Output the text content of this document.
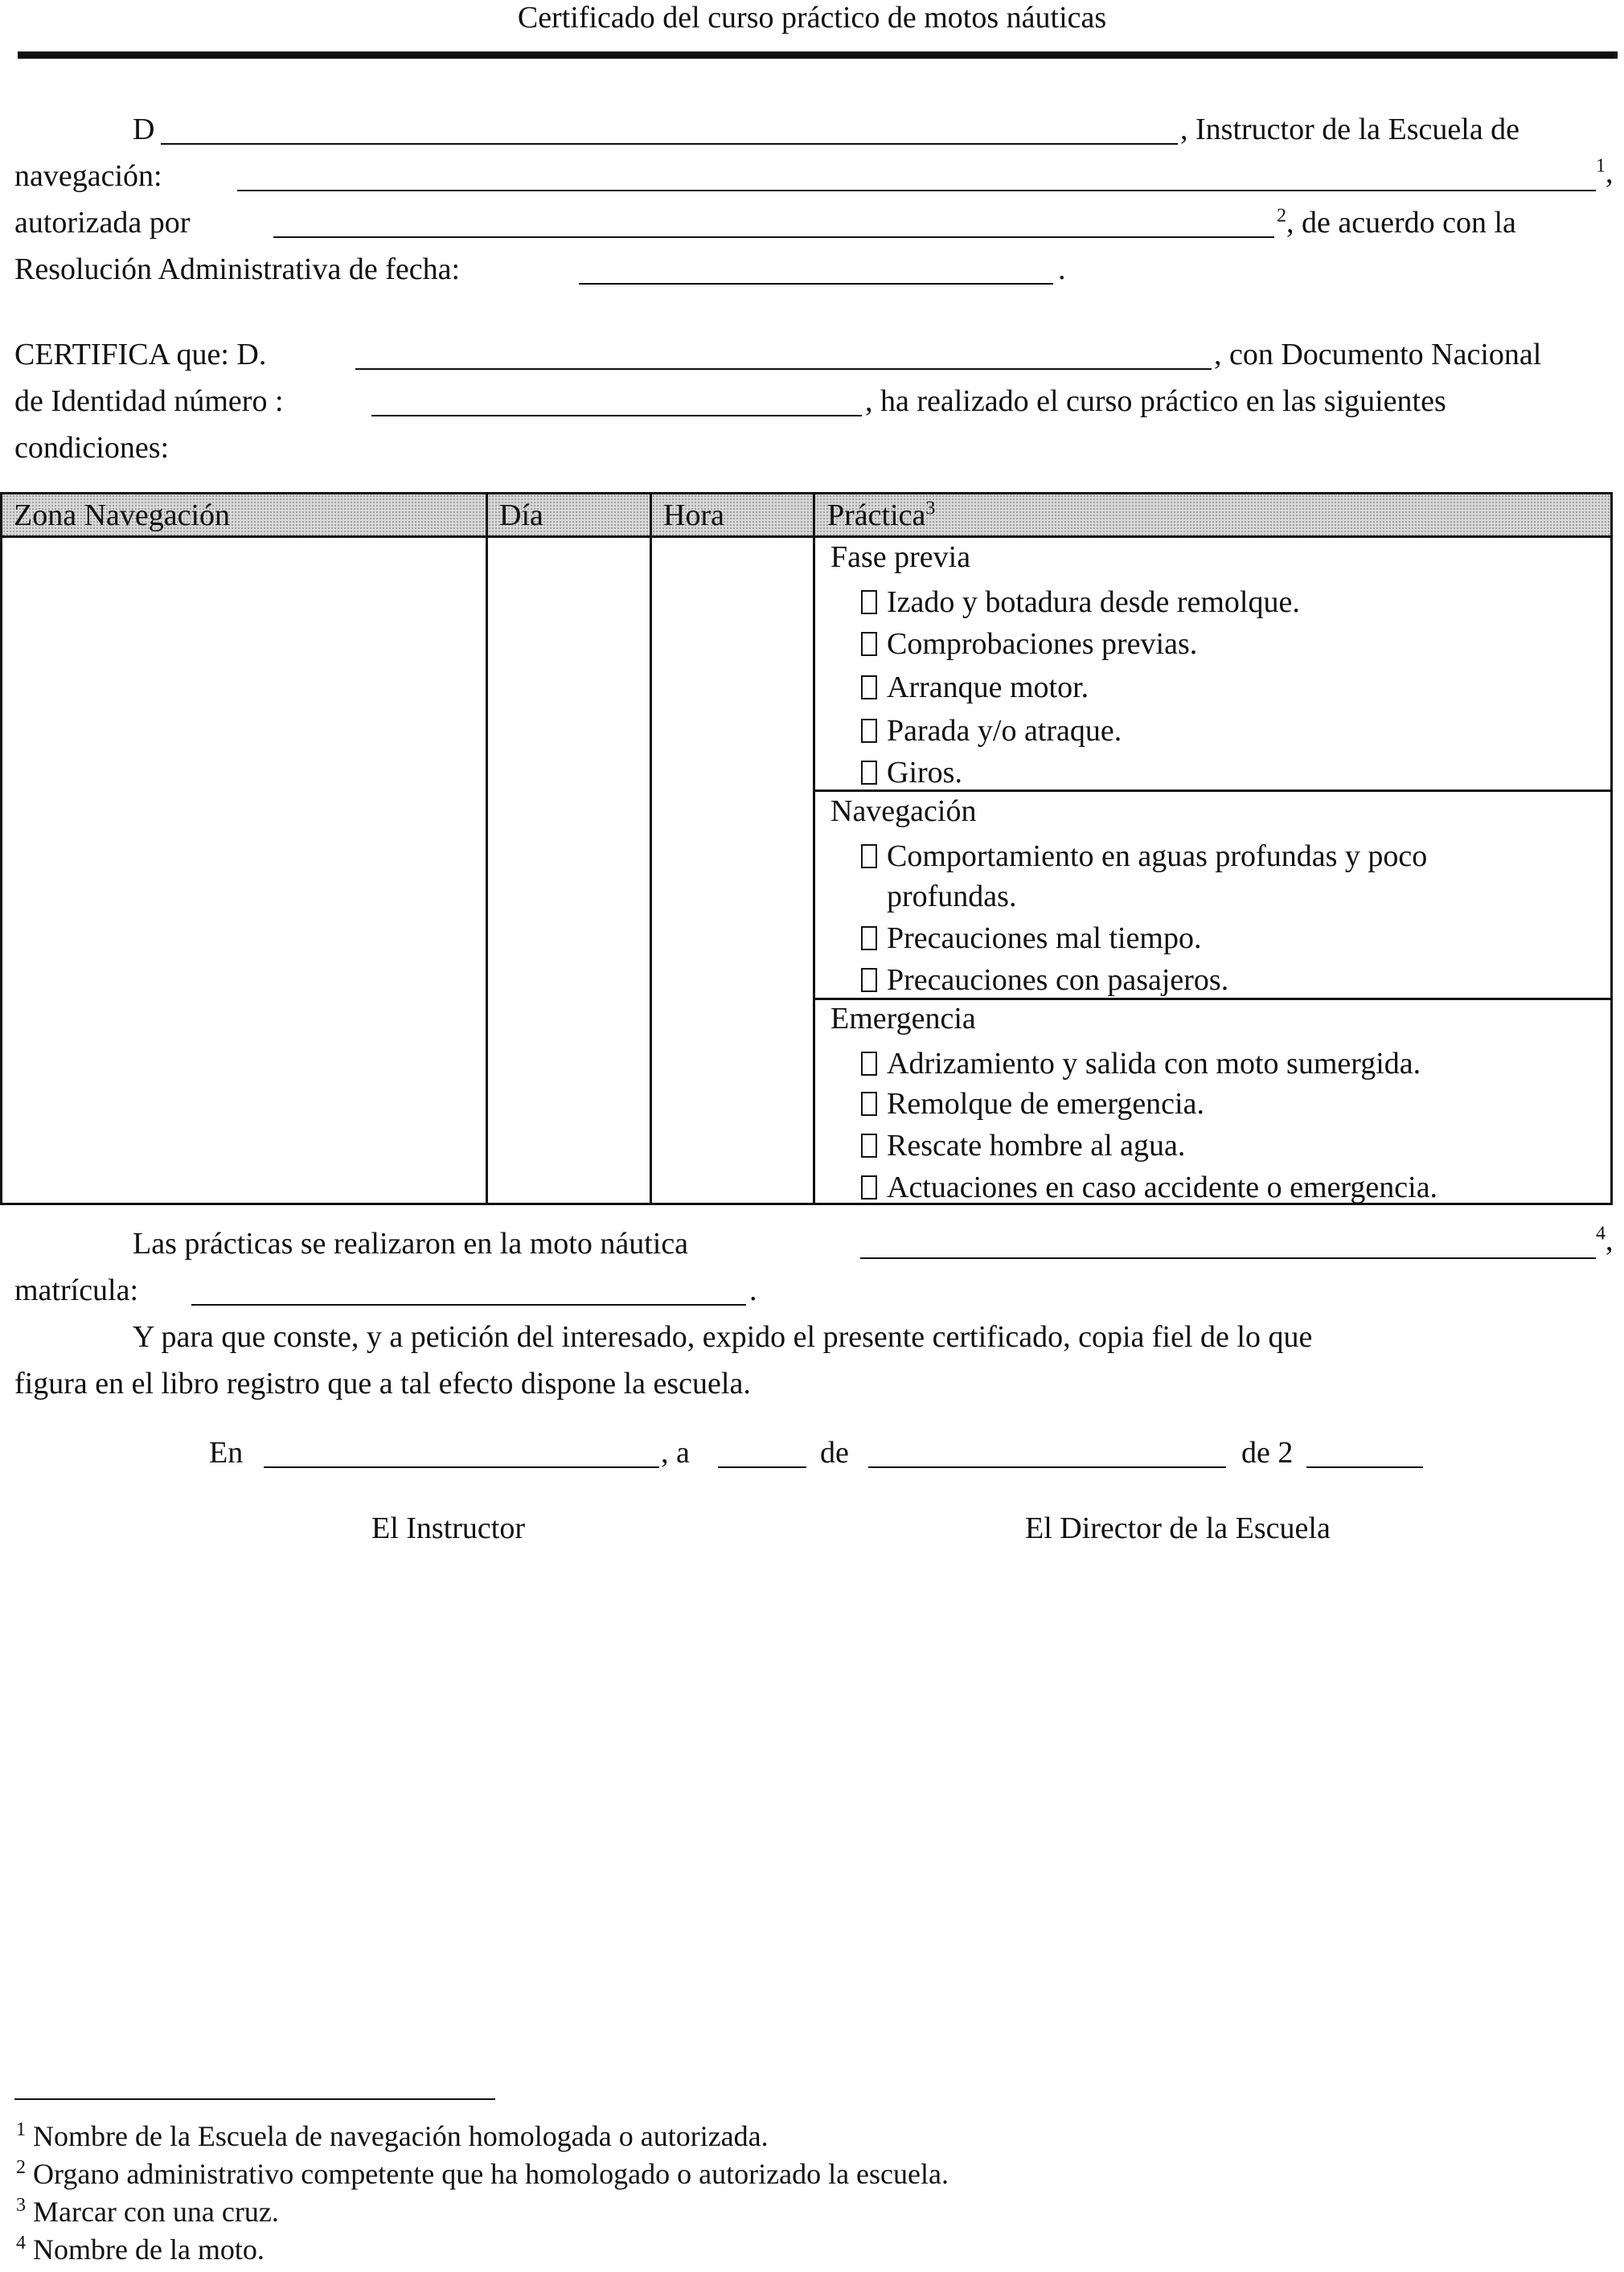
Certificado del curso práctico de motos náuticas
D	, Instructor de la Escuela de
navegación:	$^1$,
autorizada por	$^2$, de acuerdo con la
Resolución Administrativa de fecha:	.
CERTIFICA que: D.	, con Documento Nacional
de Identidad número :	, ha realizado el curso práctico en las siguientes
condiciones:
Zona Navegación	Día	Hora	Práctica$^3$
Fase previa
Izado y botadura desde remolque.
Comprobaciones previas.
Arranque motor.
Parada y/o atraque.
Giros.
Navegación
Comportamiento en aguas profundas y poco
profundas.
Precauciones mal tiempo.
Precauciones con pasajeros.
Emergencia
Adrizamiento y salida con moto sumergida.
Remolque de emergencia.
Rescate hombre al agua.
Actuaciones en caso accidente o emergencia.
Las prácticas se realizaron en la moto náutica	$^4$,
matrícula:	.
Y para que conste, y a petición del interesado, expido el presente certificado, copia fiel de lo que
figura en el libro registro que a tal efecto dispone la escuela.
En	, a	de	de 2
El Instructor	El Director de la Escuela
$^1$ Nombre de la Escuela de navegación homologada o autorizada.
$^2$ Organo administrativo competente que ha homologado o autorizado la escuela.
$^3$ Marcar con una cruz.
$^4$ Nombre de la moto.
